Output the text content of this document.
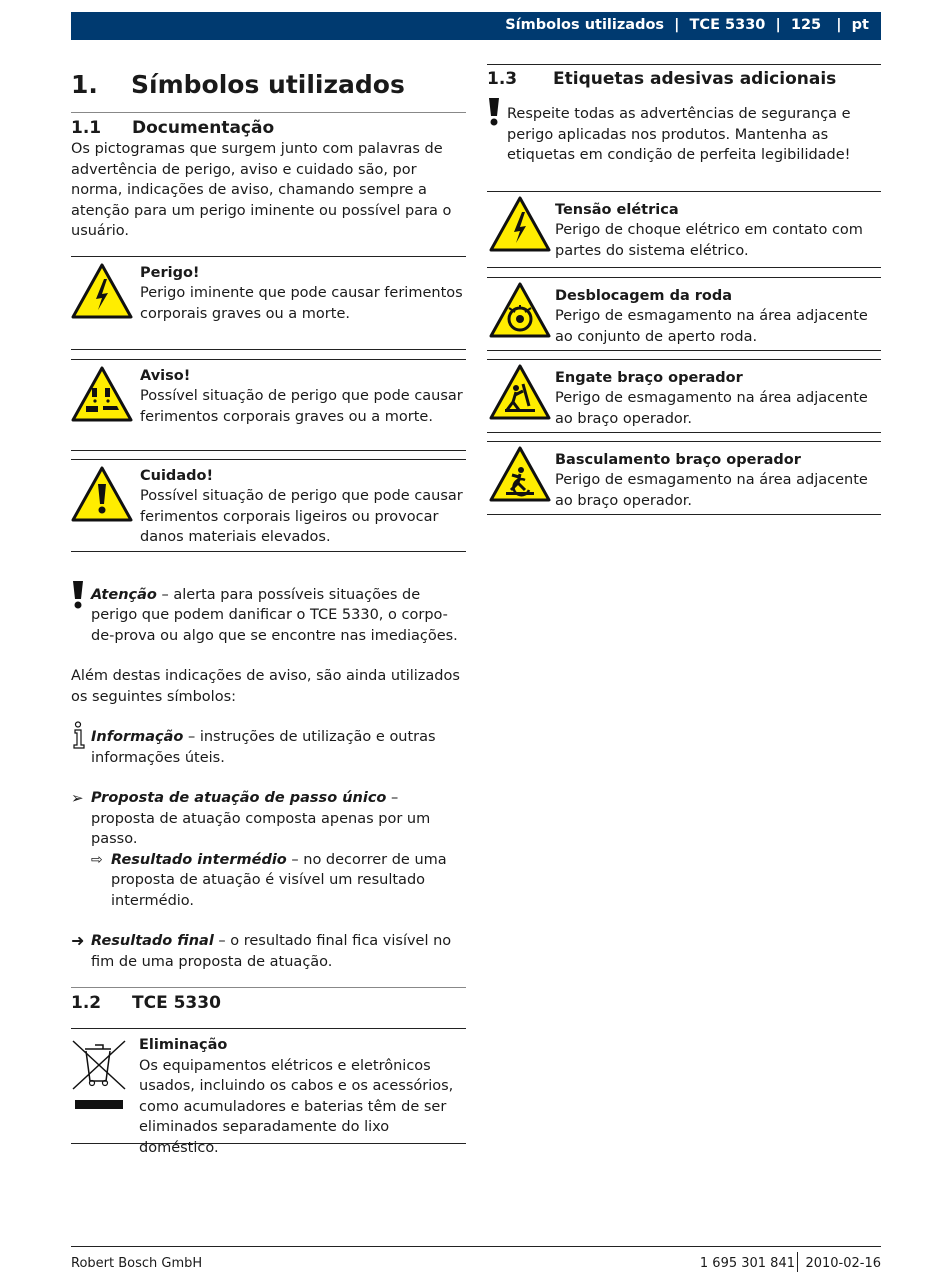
Símbolos utilizados  |  TCE 5330  |  125   |  pt
1. Símbolos utilizados
1.1 Documentação

Os pictogramas que surgem junto com palavras de advertência de perigo, aviso e cuidado são, por norma, indicações de aviso, chamando sempre a atenção para um perigo iminente ou possível para o usuário.

Perigo!
Perigo iminente que pode causar ferimentos corporais graves ou a morte.
Aviso!
Possível situação de perigo que pode causar ferimentos corporais graves ou a morte.
Cuidado!
Possível situação de perigo que pode causar ferimentos corporais ligeiros ou provocar danos materiais elevados.
Atenção – alerta para possíveis situações de perigo que podem danificar o TCE 5330, o corpo-de-prova ou algo que se encontre nas imediações.

Além destas indicações de aviso, são ainda utilizados os seguintes símbolos:

Informação – instruções de utilização e outras informações úteis.
➢ Proposta de atuação de passo único – proposta de atuação composta apenas por um passo.
⇨ Resultado intermédio – no decorrer de uma proposta de atuação é visível um resultado intermédio.
➜ Resultado final – o resultado final fica visível no fim de uma proposta de atuação.
1.2 TCE 5330
Eliminação
Os equipamentos elétricos e eletrônicos usados, incluindo os cabos e os acessórios, como acumuladores e baterias têm de ser eliminados separadamente do lixo doméstico.
1.3 Etiquetas adesivas adicionais
Respeite todas as advertências de segurança e perigo aplicadas nos produtos. Mantenha as etiquetas em condição de perfeita legibilidade!
Tensão elétrica
Perigo de choque elétrico em contato com partes do sistema elétrico.
Desblocagem da roda
Perigo de esmagamento na área adjacente ao conjunto de aperto roda.
Engate braço operador
Perigo de esmagamento na área adjacente ao braço operador.
Basculamento braço operador
Perigo de esmagamento na área adjacente ao braço operador.
Robert Bosch GmbH	1 695 301 841 2010-02-16
